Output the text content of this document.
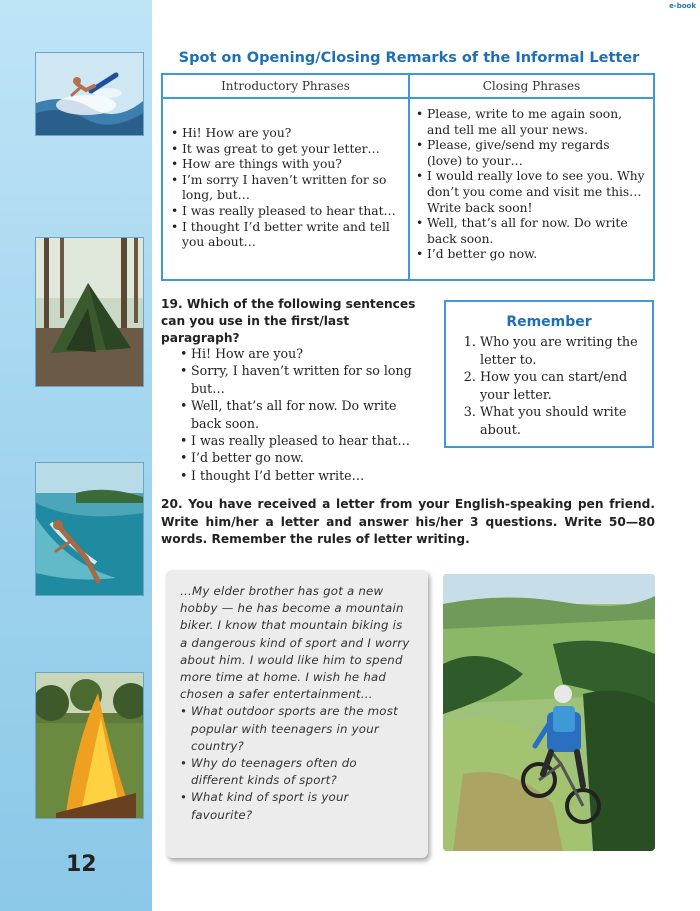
e-book
12
Spot on Opening/Closing Remarks of the Informal Letter
Introductory Phrases
• Hi! How are you?
• It was great to get your letter…
• How are things with you?
• I’m sorry I haven’t written for so long, but…
• I was really pleased to hear that…
• I thought I’d better write and tell you about…
Closing Phrases
• Please, write to me again soon, and tell me all your news.
• Please, give/send my regards (love) to your…
• I would really love to see you. Why don’t you come and visit me this… Write back soon!
• Well, that’s all for now. Do write back soon.
• I’d better go now.
19. Which of the following sentences can you use in the first/last paragraph?
• Hi! How are you?
• Sorry, I haven’t written for so long but…
• Well, that’s all for now. Do write back soon.
• I was really pleased to hear that…
• I’d better go now.
• I thought I’d better write…
Remember
1. Who you are writing the letter to.
2. How you can start/end your letter.
3. What you should write about.
20. You have received a letter from your English-speaking pen friend. Write him/her a letter and answer his/her 3 questions. Write 50—80 words. Remember the rules of letter writing.
…My elder brother has got a new hobby — he has become a mountain biker. I know that mountain biking is a dangerous kind of sport and I worry about him. I would like him to spend more time at home. I wish he had chosen a safer entertainment…
• What outdoor sports are the most popular with teenagers in your country?
• Why do teenagers often do different kinds of sport?
• What kind of sport is your favourite?
